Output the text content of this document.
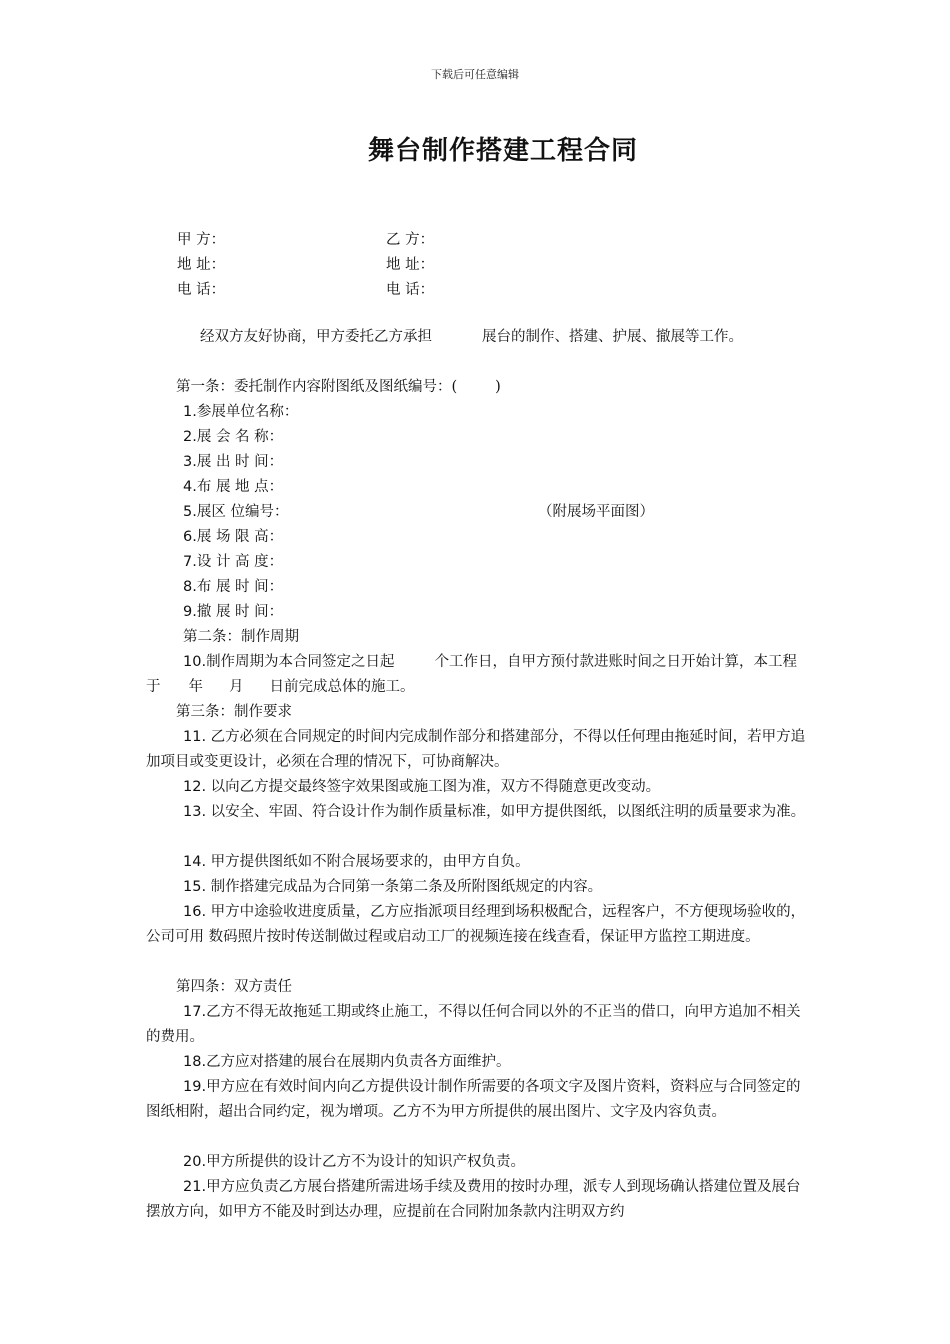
下载后可任意编辑
舞台制作搭建工程合同
甲 方：	乙 方：
地 址：	地 址：
电 话：	电 话：
经双方友好协商，甲方委托乙方承担	展台的制作、搭建、护展、撤展等工作。
第一条：委托制作内容附图纸及图纸编号：(	)
1.参展单位名称：
2.展 会 名 称：
3.展 出 时 间：
4.布 展 地 点：
5.展区 位编号：	（附展场平面图）
6.展 场 限 高：
7.设 计 高 度：
8.布 展 时 间：
9.撤 展 时 间：
第二条：制作周期
10.制作周期为本合同签定之日起	个工作日，自甲方预付款进账时间之日开始计算，本工程于 年 月 日前完成总体的施工。
第三条：制作要求
11. 乙方必须在合同规定的时间内完成制作部分和搭建部分，不得以任何理由拖延时间，若甲方追加项目或变更设计，必须在合理的情况下，可协商解决。
12. 以向乙方提交最终签字效果图或施工图为准，双方不得随意更改变动。
13. 以安全、牢固、符合设计作为制作质量标准，如甲方提供图纸，以图纸注明的质量要求为准。
14. 甲方提供图纸如不附合展场要求的，由甲方自负。
15. 制作搭建完成品为合同第一条第二条及所附图纸规定的内容。
16. 甲方中途验收进度质量，乙方应指派项目经理到场积极配合，远程客户，不方便现场验收的，公司可用 数码照片按时传送制做过程或启动工厂的视频连接在线查看，保证甲方监控工期进度。
第四条：双方责任
17.乙方不得无故拖延工期或终止施工，不得以任何合同以外的不正当的借口，向甲方追加不相关的费用。
18.乙方应对搭建的展台在展期内负责各方面维护。
19.甲方应在有效时间内向乙方提供设计制作所需要的各项文字及图片资料，资料应与合同签定的图纸相附，超出合同约定，视为增项。乙方不为甲方所提供的展出图片、文字及内容负责。
20.甲方所提供的设计乙方不为设计的知识产权负责。
21.甲方应负责乙方展台搭建所需进场手续及费用的按时办理，派专人到现场确认搭建位置及展台摆放方向，如甲方不能及时到达办理，应提前在合同附加条款内注明双方约
